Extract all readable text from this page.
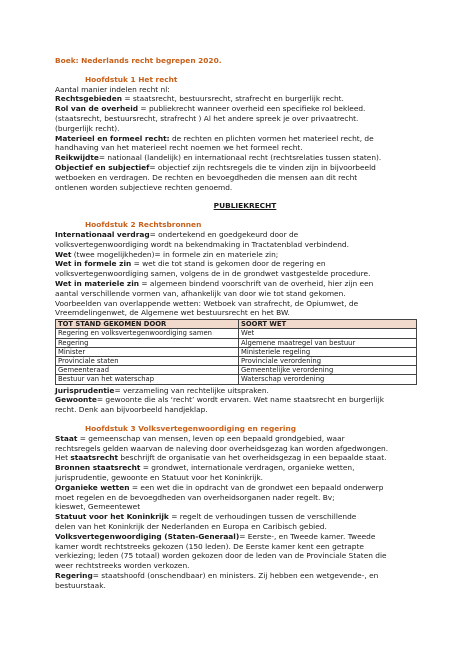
Boek: Nederlands recht begrepen 2020.

Hoofdstuk 1 Het recht

Aantal manier indelen recht nl:

Rechtsgebieden = staatsrecht, bestuursrecht, strafrecht en burgerlijk recht.

Rol van de overheid = publiekrecht wanneer overheid een specifieke rol bekleed.

(staatsrecht, bestuursrecht, strafrecht ) Al het andere spreek je over privaatrecht.

(burgerlijk recht).

Materieel en formeel recht: de rechten en plichten vormen het materieel recht, de

handhaving van het materieel recht noemen we het formeel recht.

Reikwijdte= nationaal (landelijk) en internationaal recht (rechtsrelaties tussen staten).

Objectief en subjectief= objectief zijn rechtsregels die te vinden zijn in bijvoorbeeld

wetboeken en verdragen. De rechten en bevoegdheden die mensen aan dit recht

ontlenen worden subjectieve rechten genoemd.

PUBLIEKRECHT

Hoofdstuk 2 Rechtsbronnen

Internationaal verdrag= ondertekend en goedgekeurd door de

volksvertegenwoordiging wordt na bekendmaking in Tractatenblad verbindend.

Wet (twee mogelijkheden)= in formele zin en materiele zin;

Wet in formele zin = wet die tot stand is gekomen door de regering en

volksvertegenwoordiging samen, volgens de in de grondwet vastgestelde procedure.

Wet in materiele zin = algemeen bindend voorschrift van de overheid, hier zijn een

aantal verschillende vormen van, afhankelijk van door wie tot stand gekomen.

Voorbeelden van overlappende wetten: Wetboek van strafrecht, de Opiumwet, de

Vreemdelingenwet, de Algemene wet bestuursrecht en het BW.

TOT STAND GEKOMEN DOOR	SOORT WET
Regering en volksvertegenwoordiging samen	Wet
Regering	Algemene maatregel van bestuur
Minister	Ministeriele regeling
Provinciale staten	Provinciale verordening
Gemeenteraad	Gemeentelijke verordening
Bestuur van het waterschap	Waterschap verordening

Jurisprudentie= verzameling van rechtelijke uitspraken.

Gewoonte= gewoonte die als ‘recht’ wordt ervaren. Wet name staatsrecht en burgerlijk

recht. Denk aan bijvoorbeeld handjeklap.

Hoofdstuk 3 Volksvertegenwoordiging en regering

Staat = gemeenschap van mensen, leven op een bepaald grondgebied, waar

rechtsregels gelden waarvan de naleving door overheidsgezag kan worden afgedwongen.

Het staatsrecht beschrijft de organisatie van het overheidsgezag in een bepaalde staat.

Bronnen staatsrecht = grondwet, internationale verdragen, organieke wetten,

jurisprudentie, gewoonte en Statuut voor het Koninkrijk.

Organieke wetten = een wet die in opdracht van de grondwet een bepaald onderwerp

moet regelen en de bevoegdheden van overheidsorganen nader regelt. Bv;

kieswet, Gemeentewet

Statuut voor het Koninkrijk = regelt de verhoudingen tussen de verschillende

delen van het Koninkrijk der Nederlanden en Europa en Caribisch gebied.

Volksvertegenwoordiging (Staten-Generaal)= Eerste-, en Tweede kamer. Tweede

kamer wordt rechtstreeks gekozen (150 leden). De Eerste kamer kent een getrapte

verkiezing; leden (75 totaal) worden gekozen door de leden van de Provinciale Staten die

weer rechtstreeks worden verkozen.

Regering= staatshoofd (onschendbaar) en ministers. Zij hebben een wetgevende-, en

bestuurstaak.
